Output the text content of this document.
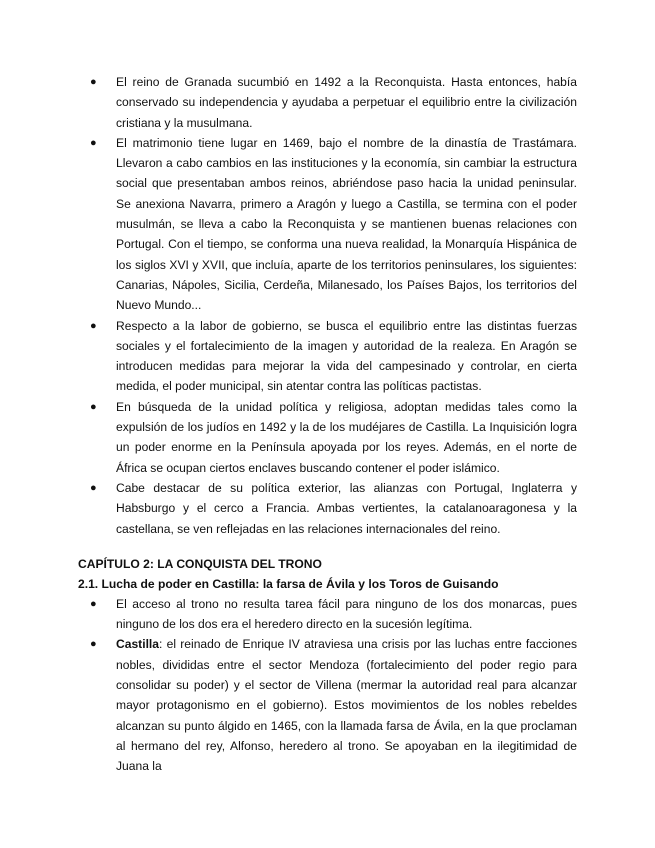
● El reino de Granada sucumbió en 1492 a la Reconquista. Hasta entonces, había conservado su independencia y ayudaba a perpetuar el equilibrio entre la civilización cristiana y la musulmana.
● El matrimonio tiene lugar en 1469, bajo el nombre de la dinastía de Trastámara. Llevaron a cabo cambios en las instituciones y la economía, sin cambiar la estructura social que presentaban ambos reinos, abriéndose paso hacia la unidad peninsular. Se anexiona Navarra, primero a Aragón y luego a Castilla, se termina con el poder musulmán, se lleva a cabo la Reconquista y se mantienen buenas relaciones con Portugal. Con el tiempo, se conforma una nueva realidad, la Monarquía Hispánica de los siglos XVI y XVII, que incluía, aparte de los territorios peninsulares, los siguientes: Canarias, Nápoles, Sicilia, Cerdeña, Milanesado, los Países Bajos, los territorios del Nuevo Mundo...
● Respecto a la labor de gobierno, se busca el equilibrio entre las distintas fuerzas sociales y el fortalecimiento de la imagen y autoridad de la realeza. En Aragón se introducen medidas para mejorar la vida del campesinado y controlar, en cierta medida, el poder municipal, sin atentar contra las políticas pactistas.
● En búsqueda de la unidad política y religiosa, adoptan medidas tales como la expulsión de los judíos en 1492 y la de los mudéjares de Castilla. La Inquisición logra un poder enorme en la Península apoyada por los reyes. Además, en el norte de África se ocupan ciertos enclaves buscando contener el poder islámico.
● Cabe destacar de su política exterior, las alianzas con Portugal, Inglaterra y Habsburgo y el cerco a Francia. Ambas vertientes, la catalanoaragonesa y la castellana, se ven reflejadas en las relaciones internacionales del reino.
CAPÍTULO 2: LA CONQUISTA DEL TRONO
2.1. Lucha de poder en Castilla: la farsa de Ávila y los Toros de Guisando
● El acceso al trono no resulta tarea fácil para ninguno de los dos monarcas, pues ninguno de los dos era el heredero directo en la sucesión legítima.
● Castilla: el reinado de Enrique IV atraviesa una crisis por las luchas entre facciones nobles, divididas entre el sector Mendoza (fortalecimiento del poder regio para consolidar su poder) y el sector de Villena (mermar la autoridad real para alcanzar mayor protagonismo en el gobierno). Estos movimientos de los nobles rebeldes alcanzan su punto álgido en 1465, con la llamada farsa de Ávila, en la que proclaman al hermano del rey, Alfonso, heredero al trono. Se apoyaban en la ilegitimidad de Juana la
